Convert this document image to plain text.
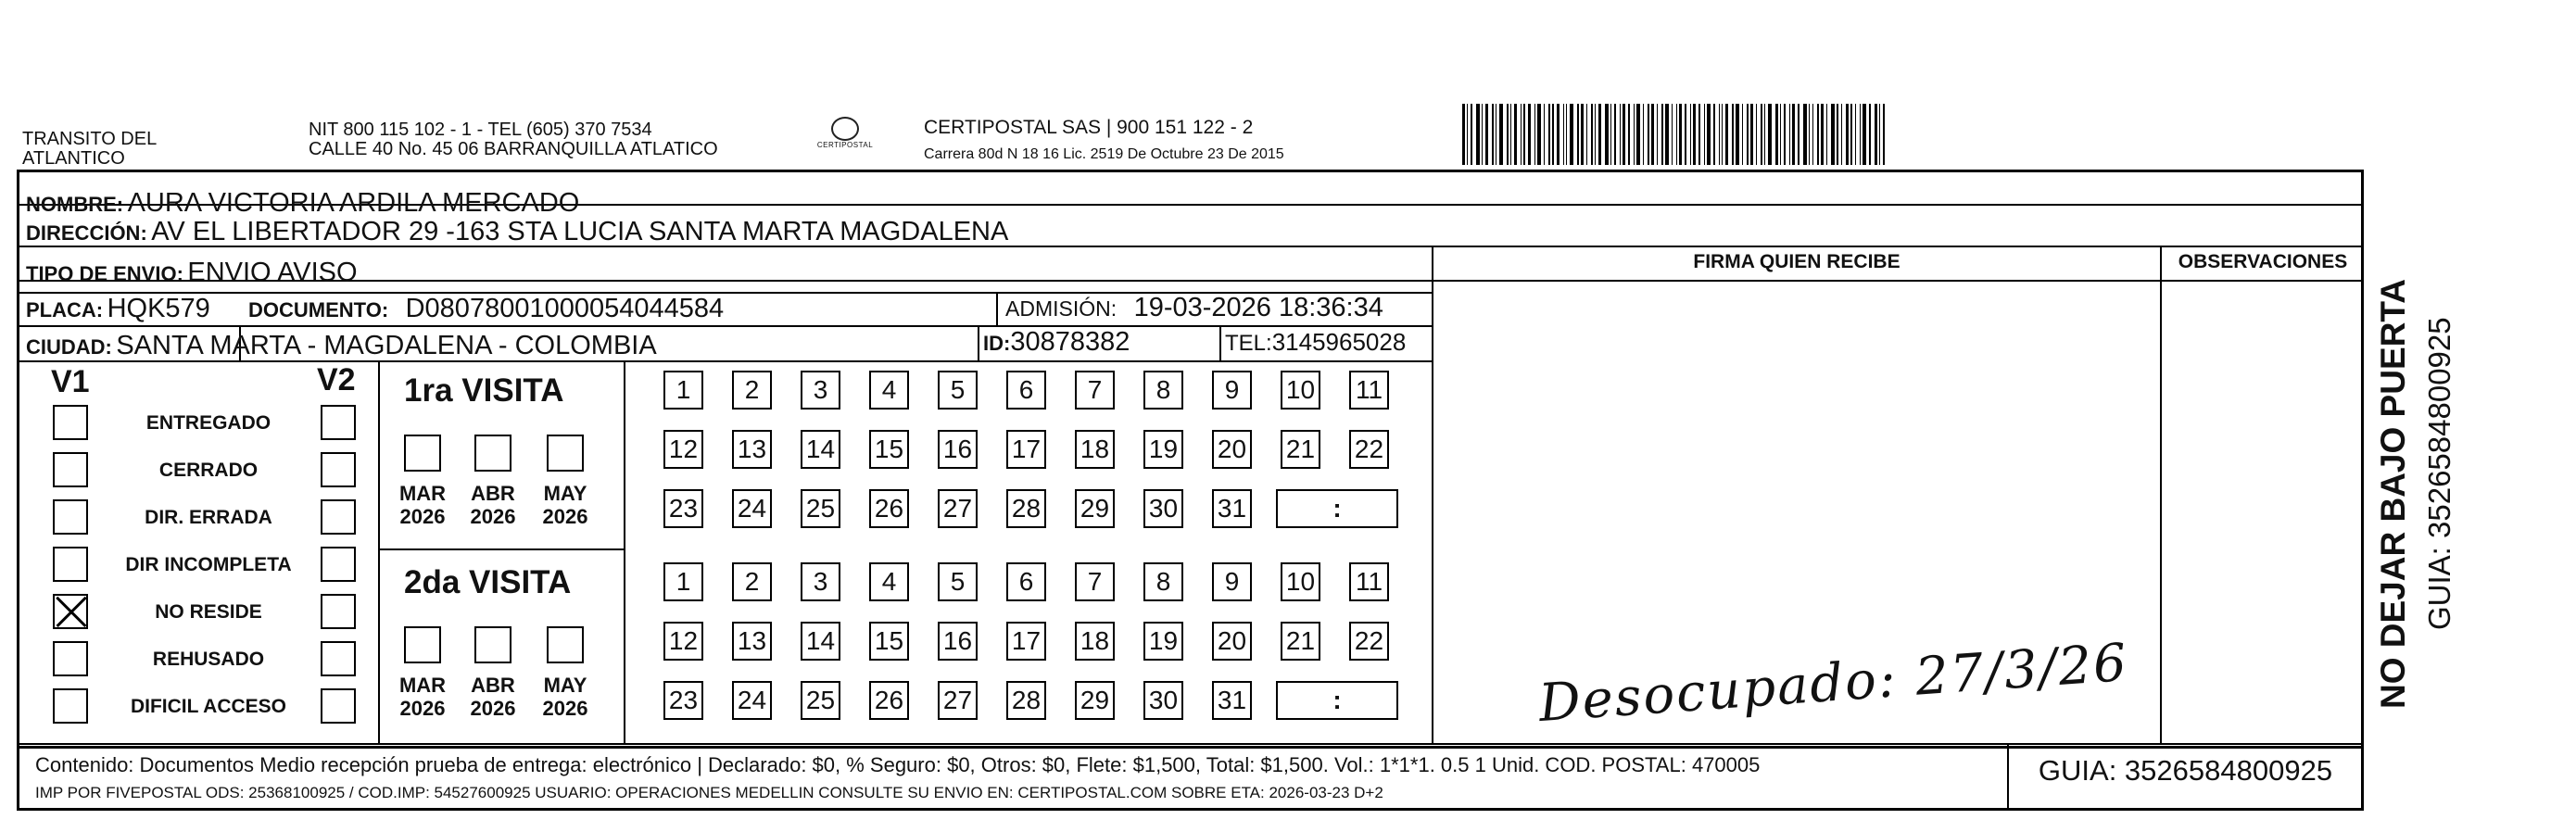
TRANSITO DEL
ATLANTICO
NIT 800 115 102 - 1 - TEL (605) 370 7534
CALLE 40 No. 45 06 BARRANQUILLA ATLATICO	CERTIPOSTAL
CERTIPOSTAL SAS | 900 151 122 - 2
Carrera 80d N 18 16 Lic. 2519 De Octubre 23 De 2015
NOMBRE: AURA VICTORIA ARDILA MERCADO
DIRECCIÓN: AV EL LIBERTADOR 29 -163 STA LUCIA SANTA MARTA MAGDALENA
TIPO DE ENVIO: ENVIO AVISO
PLACA: HQK579 DOCUMENTO: D08078001000054044584	ADMISIÓN: 19-03-2026 18:36:34
CIUDAD: SANTA MARTA - MAGDALENA - COLOMBIA	ID:30878382	TEL:3145965028
FIRMA QUIEN RECIBE	OBSERVACIONES
Desocupado: 27/3/26
V1	V2
ENTREGADO
CERRADO
DIR. ERRADA
DIR INCOMPLETA
NO RESIDE
REHUSADO
DIFICIL ACCESO
1ra VISITA
MAR
2026
ABR
2026
MAY
2026
1	2	3	4	5	6	7	8	9	10 11
12 13 14 15 16 17 18 19 20 21 22
23 24 25 26 27 28 29 30 31	:
2da VISITA
MAR
2026
ABR
2026
MAY
2026
1	2	3	4	5	6	7	8	9	10 11
12 13 14 15 16 17 18 19 20 21 22
23 24 25 26 27 28 29 30 31	:
Contenido: Documentos Medio recepción prueba de entrega: electrónico | Declarado: $0, % Seguro: $0, Otros: $0, Flete: $1,500, Total: $1,500. Vol.: 1*1*1. 0.5 1 Unid. COD. POSTAL: 470005
IMP POR FIVEPOSTAL ODS: 25368100925 / COD.IMP: 54527600925 USUARIO: OPERACIONES MEDELLIN CONSULTE SU ENVIO EN: CERTIPOSTAL.COM SOBRE ETA: 2026-03-23 D+2
GUIA: 3526584800925
NO DEJAR BAJO PUERTA GUIA: 3526584800925
